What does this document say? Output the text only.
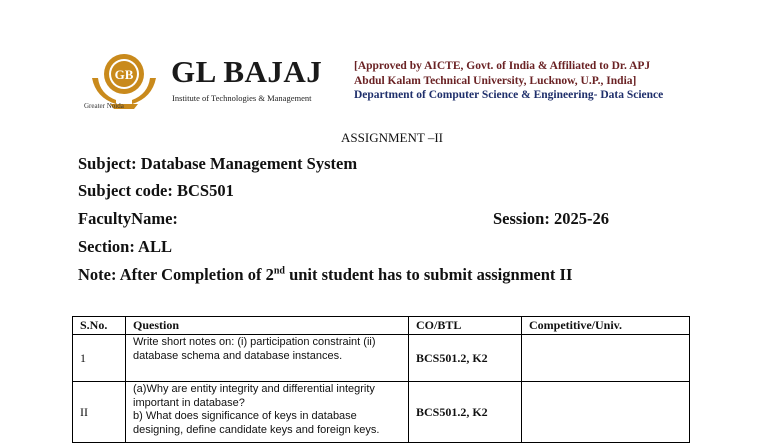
GB
Greater Noida
GL BAJAJ
Institute of Technologies & Management
[Approved by AICTE, Govt. of India & Affiliated to Dr. APJ
Abdul Kalam Technical University, Lucknow, U.P., India]
Department of Computer Science & Engineering- Data Science
ASSIGNMENT –II
Subject: Database Management System
Subject code: BCS501
FacultyName:	Session: 2025-26
Section: ALL
Note: After Completion of 2nd unit student has to submit assignment II
S.No.	Question	CO/BTL	Competitive/Univ.
1	Write short notes on: (i) participation constraint (ii) database schema and database instances.	BCS501.2, K2	
II	(a)Why are entity integrity and differential integrity important in database?
b) What does significance of keys in database designing, define candidate keys and foreign keys.	BCS501.2, K2	
